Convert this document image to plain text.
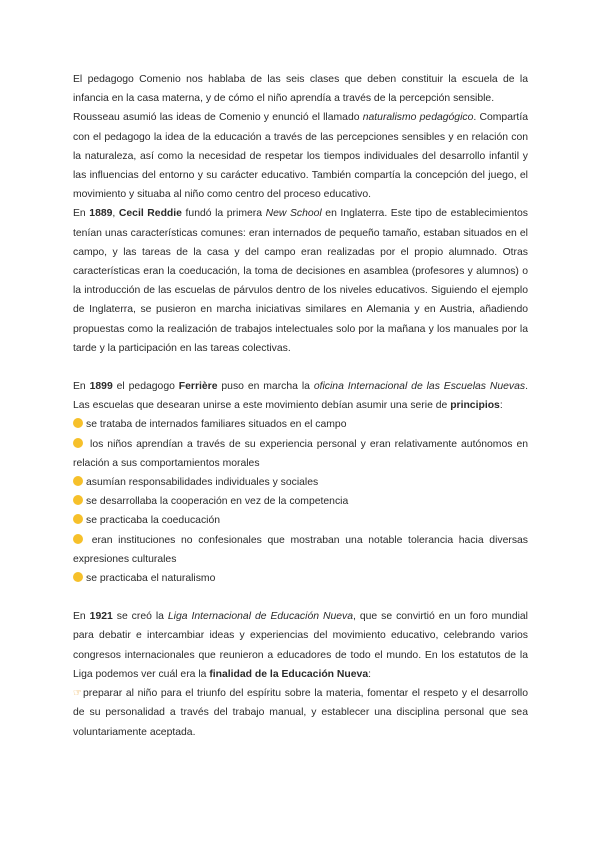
El pedagogo Comenio nos hablaba de las seis clases que deben constituir la escuela de la infancia en la casa materna, y de cómo el niño aprendía a través de la percepción sensible.

Rousseau asumió las ideas de Comenio y enunció el llamado naturalismo pedagógico. Compartía con el pedagogo la idea de la educación a través de las percepciones sensibles y en relación con la naturaleza, así como la necesidad de respetar los tiempos individuales del desarrollo infantil y las influencias del entorno y su carácter educativo. También compartía la concepción del juego, el movimiento y situaba al niño como centro del proceso educativo.

En 1889, Cecil Reddie fundó la primera New School en Inglaterra. Este tipo de establecimientos tenían unas características comunes: eran internados de pequeño tamaño, estaban situados en el campo, y las tareas de la casa y del campo eran realizadas por el propio alumnado. Otras características eran la coeducación, la toma de decisiones en asamblea (profesores y alumnos) o la introducción de las escuelas de párvulos dentro de los niveles educativos. Siguiendo el ejemplo de Inglaterra, se pusieron en marcha iniciativas similares en Alemania y en Austria, añadiendo propuestas como la realización de trabajos intelectuales solo por la mañana y los manuales por la tarde y la participación en las tareas colectivas.

En 1899 el pedagogo Ferrière puso en marcha la oficina Internacional de las Escuelas Nuevas. Las escuelas que desearan unirse a este movimiento debían asumir una serie de principios:

se trataba de internados familiares situados en el campo

los niños aprendían a través de su experiencia personal y eran relativamente autónomos en relación a sus comportamientos morales

asumían responsabilidades individuales y sociales

se desarrollaba la cooperación en vez de la competencia

se practicaba la coeducación

eran instituciones no confesionales que mostraban una notable tolerancia hacia diversas expresiones culturales

se practicaba el naturalismo

En 1921 se creó la Liga Internacional de Educación Nueva, que se convirtió en un foro mundial para debatir e intercambiar ideas y experiencias del movimiento educativo, celebrando varios congresos internacionales que reunieron a educadores de todo el mundo. En los estatutos de la Liga podemos ver cuál era la finalidad de la Educación Nueva:

☞preparar al niño para el triunfo del espíritu sobre la materia, fomentar el respeto y el desarrollo de su personalidad a través del trabajo manual, y establecer una disciplina personal que sea voluntariamente aceptada.
